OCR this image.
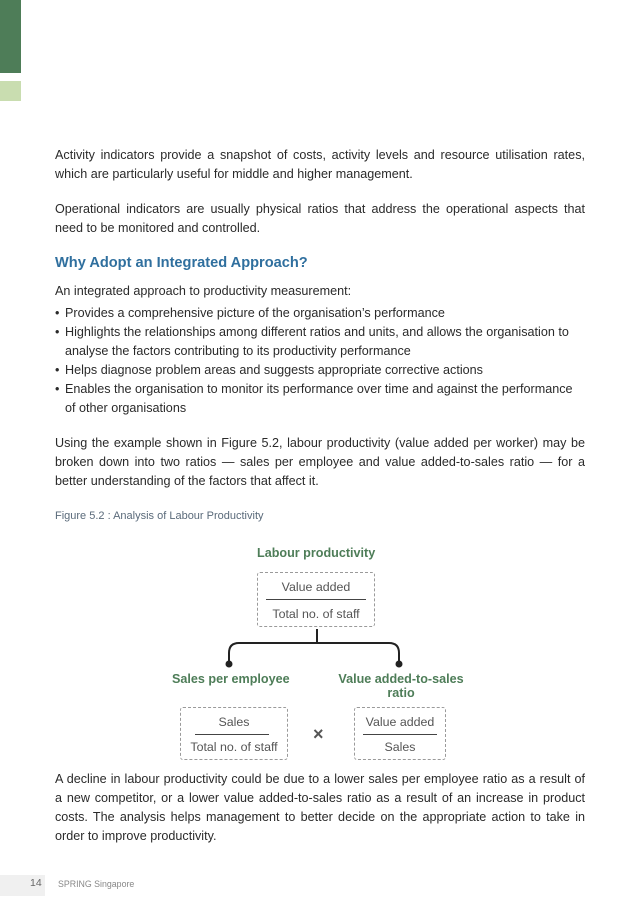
Activity indicators provide a snapshot of costs, activity levels and resource utilisation rates, which are particularly useful for middle and higher management.

Operational indicators are usually physical ratios that address the operational aspects that need to be monitored and controlled.

Why Adopt an Integrated Approach?

An integrated approach to productivity measurement:

• Provides a comprehensive picture of the organisation’s performance
• Highlights the relationships among different ratios and units, and allows the organisation to analyse the factors contributing to its productivity performance
• Helps diagnose problem areas and suggests appropriate corrective actions
• Enables the organisation to monitor its performance over time and against the performance of other organisations

Using the example shown in Figure 5.2, labour productivity (value added per worker) may be broken down into two ratios — sales per employee and value added-to-sales ratio — for a better understanding of the factors that affect it.

Figure 5.2 : Analysis of Labour Productivity

Labour productivity
Value added
Total no. of staff
Sales per employee
Sales
Total no. of staff
×
Value added-to-sales
ratio
Value added
Sales

A decline in labour productivity could be due to a lower sales per employee ratio as a result of a new competitor, or a lower value added-to-sales ratio as a result of an increase in product costs. The analysis helps management to better decide on the appropriate action to take in order to improve productivity.

14 SPRING Singapore
